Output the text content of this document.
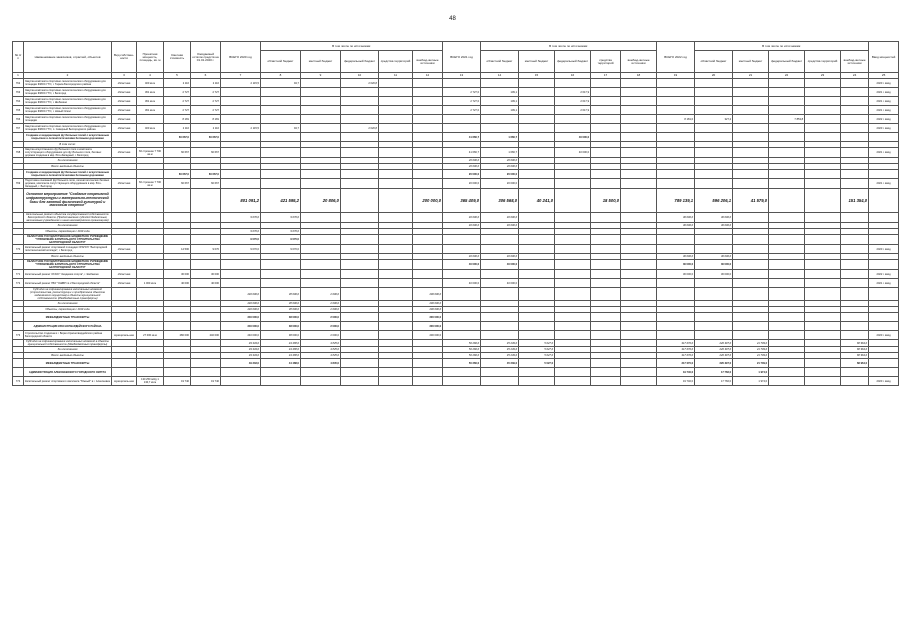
48
№ п/п	Наименование заказчиков, отраслей, объектов	Вид собствен-ности	Проектная мощность, площадь, кв. м	Сметная стоимость	Ожидаемый остаток средств на 01.01.2020 г.	ВСЕГО 2020 год	В том числе по источникам:					ВСЕГО 2021 год	В том числе по источникам:					ВСЕГО 2022 год	В том числе по источникам:					Ввод мощностей
							областной бюджет	местный бюджет	федеральный бюджет	средства территорий	внебюд-жетные источники		областной бюджет	местный бюджет	федеральный бюджет	средства территорий	внебюд-жетные источники		областной бюджет	местный бюджет	федеральный бюджет	средства территорий	внебюд-жетные источники	
1	2	3	4	5	6	7	8	9	10	11	12	13	14	15	16	17	18	19	20	21	22	23	24	25
762	Закупка комплекта спортивно-технологического оборудования для площадки ФМОС ГТО, г. Тараса Белгородского района	областная	400 кв.м	2 116	2 116	2 115,5	94,7		2 020,8															2020 г. ввод
763	Закупка комплекта спортивно-технологического оборудования для площадки ФМОС ГТО, г. Белгород	областная	361 кв.м	2 727	2 727							2 727,0	109,1		2 617,9									2021 г. ввод
764	Закупка комплекта спортивно-технологического оборудования для площадки ФМОС ГТО, г. Шебекино	областная	361 кв.м	2 727	2 727							2 727,0	109,1		2 617,9									2021 г. ввод
765	Закупка комплекта спортивно-технологического оборудования для площадки ФМОС ГТО, г. Новый Оскол	областная	361 кв.м	2 727	2 727							2 727,0	109,1		2 617,9									2021 г. ввод
766	Закупка комплекта спортивно-технологического оборудования для площадки	областная		8 181	8 181													8 181,0	327,2		7 853,8			2022 г. ввод
767	Закупка комплекта спортивно-технологического оборудования для площадки ФМОС ГТО, п. Северный Белгородского района	областная	400 кв.м	2 116	2 116	2 115,5	94,7		2 020,8															2020 г. ввод
	Создание и модернизация футбольных полей с искусственным покрытием и легкоатлетическими беговыми дорожками			60 667,0	60 667,0							41 666,7	1 666,7		40 000,0									
	В том числе:																							
768	Закупка искусственного футбольного поля и комплекта сопутствующего оборудования для футбольного поля, беговых дорожек стадиона в мкр. Юго-Западный, г. Белгород	областная	60 строение 7 700 кв.м	60 667	60 667							41 666,7	1 666,7		40 000,0									2021 г. ввод
	За исключением											20 000,0	20 000,0											
	Всего: вводимые объекты											20 000,0	20 000,0											
	Создание и модернизация футбольных полей с искусственным покрытием и легкоатлетическими беговыми дорожками			60 667,0	60 667,0							20 000,0	20 000,0											
769	Подготовка оснований футбольного поля, легкоатлетических беговых дорожек, комплекта сопутствующего оборудования в мкр. Юго-Западный, г. Белгород	областная	60 строение 7 700 кв.м	60 667	60 667							20 000,0	20 000,0											2021 г. ввод
	Основное мероприятие "Создание спортивной инфраструктуры и материально-технической базы для занятий физической культурой и массовым спортом"					801 091,2	421 595,2	20 806,0			200 000,0	365 409,0	306 568,0	40 241,0		18 500,0		789 139,1	596 206,1	41 579,0			151 354,0	
	Капитальные ремонт объектов государственной собственности Белгородской области (Предоставление субсидий бюджетным, автономным учреждениям и иным некоммерческим организациям)					9 070,0	9 070,0					40 000,0	40 000,0					30 000,0	30 000,0					
	За исключением											40 000,0	40 000,0					30 000,0	30 000,0					
	Объекты, переходящие с 2019 года					9 070,0	9 070,0																	
	ОБЛАСТНОЕ ГОСУДАРСТВЕННОЕ БЮДЖЕТНОЕ УЧРЕЖДЕНИЕ "УПРАВЛЕНИЕ КАПИТАЛЬНОГО СТРОИТЕЛЬСТВА БЕЛГОРОДСКОЙ ОБЛАСТИ"					9 070,0	9 070,0																	
770	Капитальный ремонт спортивной площадки ОГАПОУ "Белгородский политехнический колледж", г. Белгород	областная		14 500	9 070	9 070,0	9 070,0																	2020 г. ввод
	Всего: вводимые объекты											40 000,0	40 000,0					30 000,0	30 000,0					
	ОБЛАСТНОЕ ГОСУДАРСТВЕННОЕ БЮДЖЕТНОЕ УЧРЕЖДЕНИЕ "УПРАВЛЕНИЕ КАПИТАЛЬНОГО СТРОИТЕЛЬСТВА БЕЛГОРОДСКОЙ ОБЛАСТИ"											40 000,0	40 000,0					30 000,0	30 000,0					
771	Капитальный ремонт ОГАОУ "Академия спорта", г. Шебекино	областная		30 000	30 000													30 000,0	30 000,0					2022 г. ввод
772	Капитальный ремонт ПБУ "ОШВР № 2 Белгородской области"	областная	1 000 кв.м	40 000	40 000							40 000,0	40 000,0											2021 г. ввод
	Субсидии на софинансирование капитальных вложений (строительства, реконструкции и приобретения объектов недвижимого имущества) в объекты муниципальной собственности (Межбюджетные трансферты)					240 000,0	38 000,0	2 000,0			200 000,0													
	За исключением					240 000,0	38 000,0	2 000,0			200 000,0													
	Объекты, переходящие с 2019 года					240 000,0	38 000,0	2 000,0			200 000,0													
	МЕЖБЮДЖЕТНЫЕ ТРАНСФЕРТЫ					240 000,0	38 000,0	2 000,0			200 000,0													
	АДМИНИСТРАЦИЯ КРАСНОГВАРДЕЙСКОГО РАЙОНА					240 000,0	38 000,0	2 000,0			200 000,0													
773	Строительство стадиона в г. Бирюч Красногвардейского района Белгородской области	муниципаль-ная	27 000 кв.м	280 000	240 000	240 000,0	38 000,0	2 000,0			200 000,0													2020 г. ввод
	Субсидии на софинансирование капитальных вложений в объекты муниципальной собственности (Межбюджетные трансферты)					49 333,0	44 488,0	4 845,0				50 266,0	45 239,0	5 027,0				317 070,0	226 397,0	21 709,0			68 964,0	
	За исключением					49 333,0	44 488,0	4 845,0				50 266,0	45 239,0	5 027,0				317 070,0	226 397,0	21 709,0			68 964,0	
	Всего: вводимые объекты					49 333,0	44 488,0	4 845,0				50 266,0	45 239,0	5 027,0				317 070,0	226 397,0	21 709,0			68 964,0	
	МЕЖБЮДЖЕТНЫЕ ТРАНСФЕРТЫ					49 333,0	44 488,0	4 845,0				50 266,0	45 239,0	5 027,0				317 070,0	226 397,0	21 709,0			68 964,0	
	АДМИНИСТРАЦИЯ АЛЕКСЕЕВСКОГО ГОРОДСКОГО ОКРУГА																	19 740,0	17 766,0	1 974,0				
774	Капитальный ремонт спортивного комплекса "Южный" в г. Алексеевка	муниципаль-ная	130 250 м3/д 1 130,7 кв.м	19 740	19 740													19 740,0	17 766,0	1 974,0				2020 г. ввод
